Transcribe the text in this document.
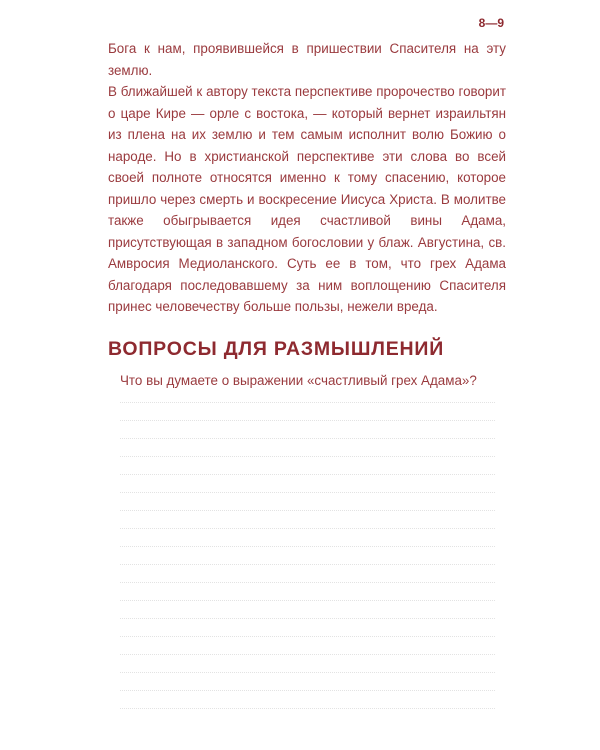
8—9

Бога к нам, проявившейся в пришествии Спасителя на эту землю.

В ближайшей к автору текста перспективе пророчество говорит о царе Кире — орле с востока, — который вернет израильтян из плена на их землю и тем самым исполнит волю Божию о народе. Но в христианской перспективе эти слова во всей своей полноте относятся именно к тому спасению, которое пришло через смерть и воскресение Иисуса Христа. В молитве также обыгрывается идея счастливой вины Адама, присутствующая в западном богословии у блаж. Августина, св. Амвросия Медиоланского. Суть ее в том, что грех Адама благодаря последовавшему за ним воплощению Спасителя принес человечеству больше пользы, нежели вреда.

ВОПРОСЫ ДЛЯ РАЗМЫШЛЕНИЙ
Что вы думаете о выражении «счастливый грех Адама»?
